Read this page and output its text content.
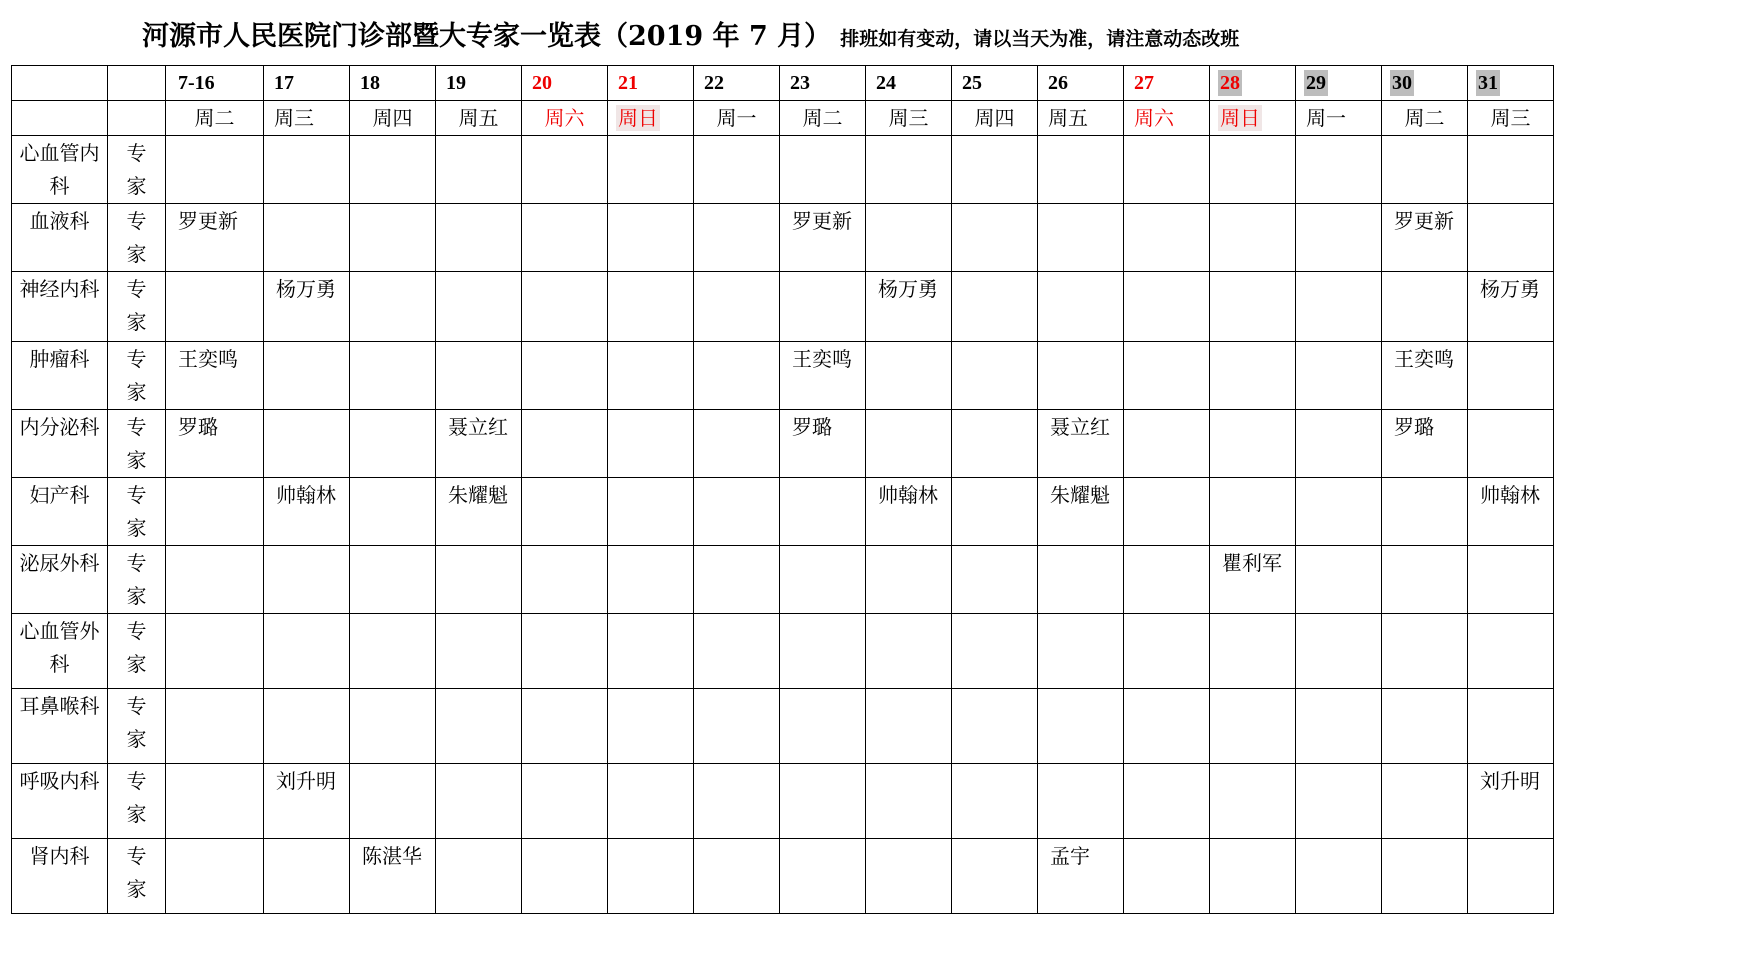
河源市人民医院门诊部暨大专家一览表（2019 年 7 月） 排班如有变动，请以当天为准，请注意动态改班
		7-16	17	18	19	20	21	22	23	24	25	26	27	28	29	30	31
		周二	周三	周四	周五	周六	周日	周一	周二	周三	周四	周五	周六	周日	周一	周二	周三

心血管内科	专家																

血液科	专家	罗更新							罗更新							罗更新	

神经内科	专家		杨万勇							杨万勇							杨万勇

肿瘤科	专家	王奕鸣							王奕鸣							王奕鸣	

内分泌科	专家	罗璐			聂立红				罗璐			聂立红				罗璐	

妇产科	专家		帅翰林		朱耀魁					帅翰林		朱耀魁					帅翰林

泌尿外科	专家													瞿利军			

心血管外科	专家																

耳鼻喉科	专家																

呼吸内科	专家		刘升明														刘升明

肾内科	专家			陈湛华								孟宇					
